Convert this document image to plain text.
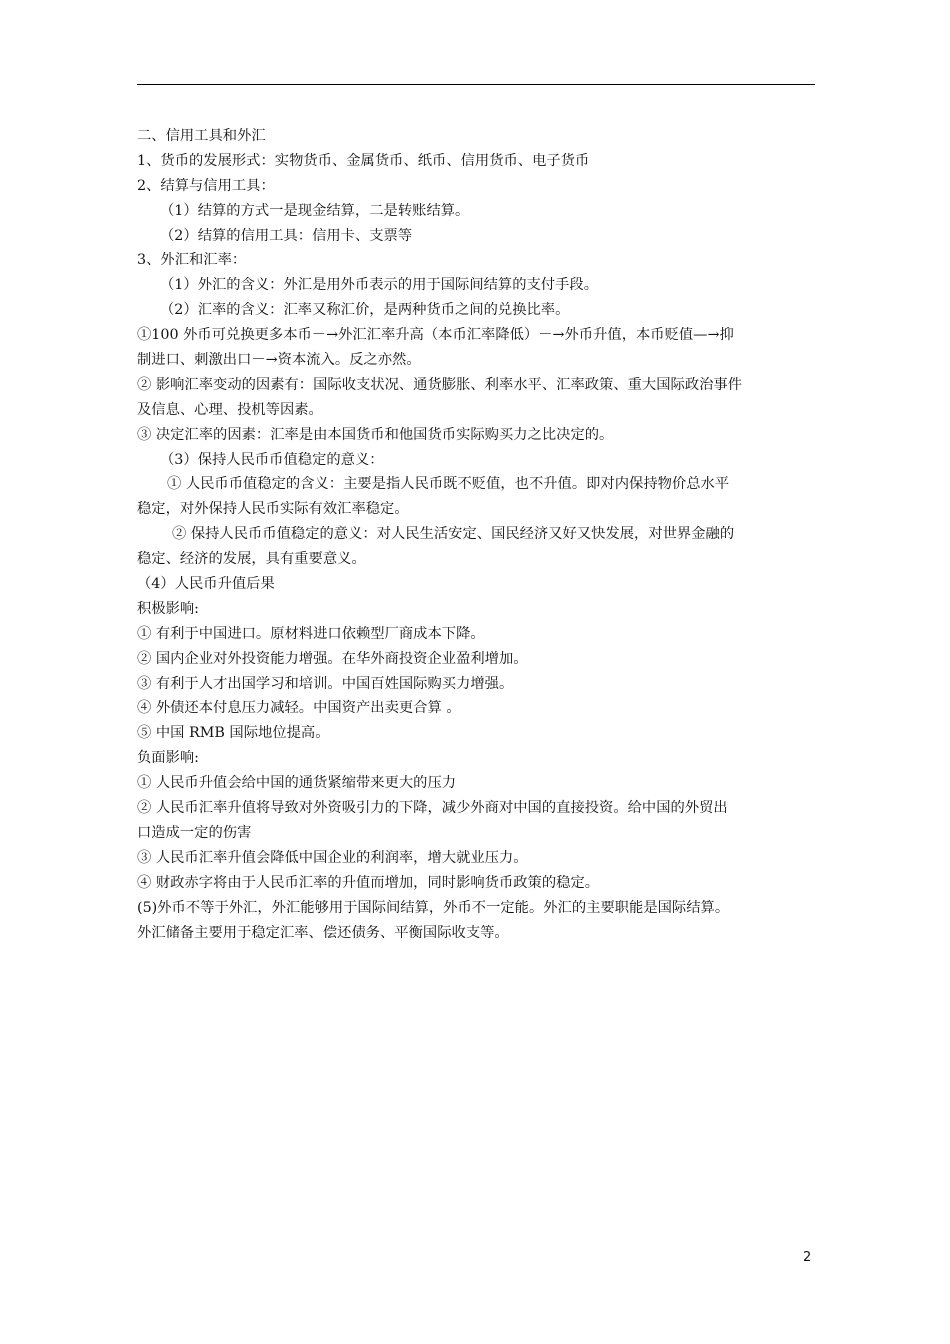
二、信用工具和外汇
1、货币的发展形式：实物货币、金属货币、纸币、信用货币、电子货币
2、结算与信用工具：
（1）结算的方式一是现金结算，二是转账结算。
（2）结算的信用工具：信用卡、支票等
3、外汇和汇率：
（1）外汇的含义：外汇是用外币表示的用于国际间结算的支付手段。
（2）汇率的含义：汇率又称汇价，是两种货币之间的兑换比率。
①100 外币可兑换更多本币－→外汇汇率升高（本币汇率降低）－→外币升值，本币贬值—→抑
制进口、刺激出口－→资本流入。反之亦然。
② 影响汇率变动的因素有：国际收支状况、通货膨胀、利率水平、汇率政策、重大国际政治事件
及信息、心理、投机等因素。
③ 决定汇率的因素：汇率是由本国货币和他国货币实际购买力之比决定的。
（3）保持人民币币值稳定的意义：
① 人民币币值稳定的含义：主要是指人民币既不贬值，也不升值。即对内保持物价总水平
稳定，对外保持人民币实际有效汇率稳定。
② 保持人民币币值稳定的意义：对人民生活安定、国民经济又好又快发展，对世界金融的
稳定、经济的发展，具有重要意义。
（4）人民币升值后果
积极影响:
① 有利于中国进口。原材料进口依赖型厂商成本下降。
② 国内企业对外投资能力增强。在华外商投资企业盈利增加。
③ 有利于人才出国学习和培训。中国百姓国际购买力增强。
④ 外债还本付息压力减轻。中国资产出卖更合算 。
⑤ 中国 RMB 国际地位提高。
负面影响:
① 人民币升值会给中国的通货紧缩带来更大的压力
② 人民币汇率升值将导致对外资吸引力的下降，减少外商对中国的直接投资。给中国的外贸出
口造成一定的伤害
③ 人民币汇率升值会降低中国企业的利润率，增大就业压力。
④ 财政赤字将由于人民币汇率的升值而增加，同时影响货币政策的稳定。
(5)外币不等于外汇，外汇能够用于国际间结算，外币不一定能。外汇的主要职能是国际结算。
外汇储备主要用于稳定汇率、偿还债务、平衡国际收支等。
2
